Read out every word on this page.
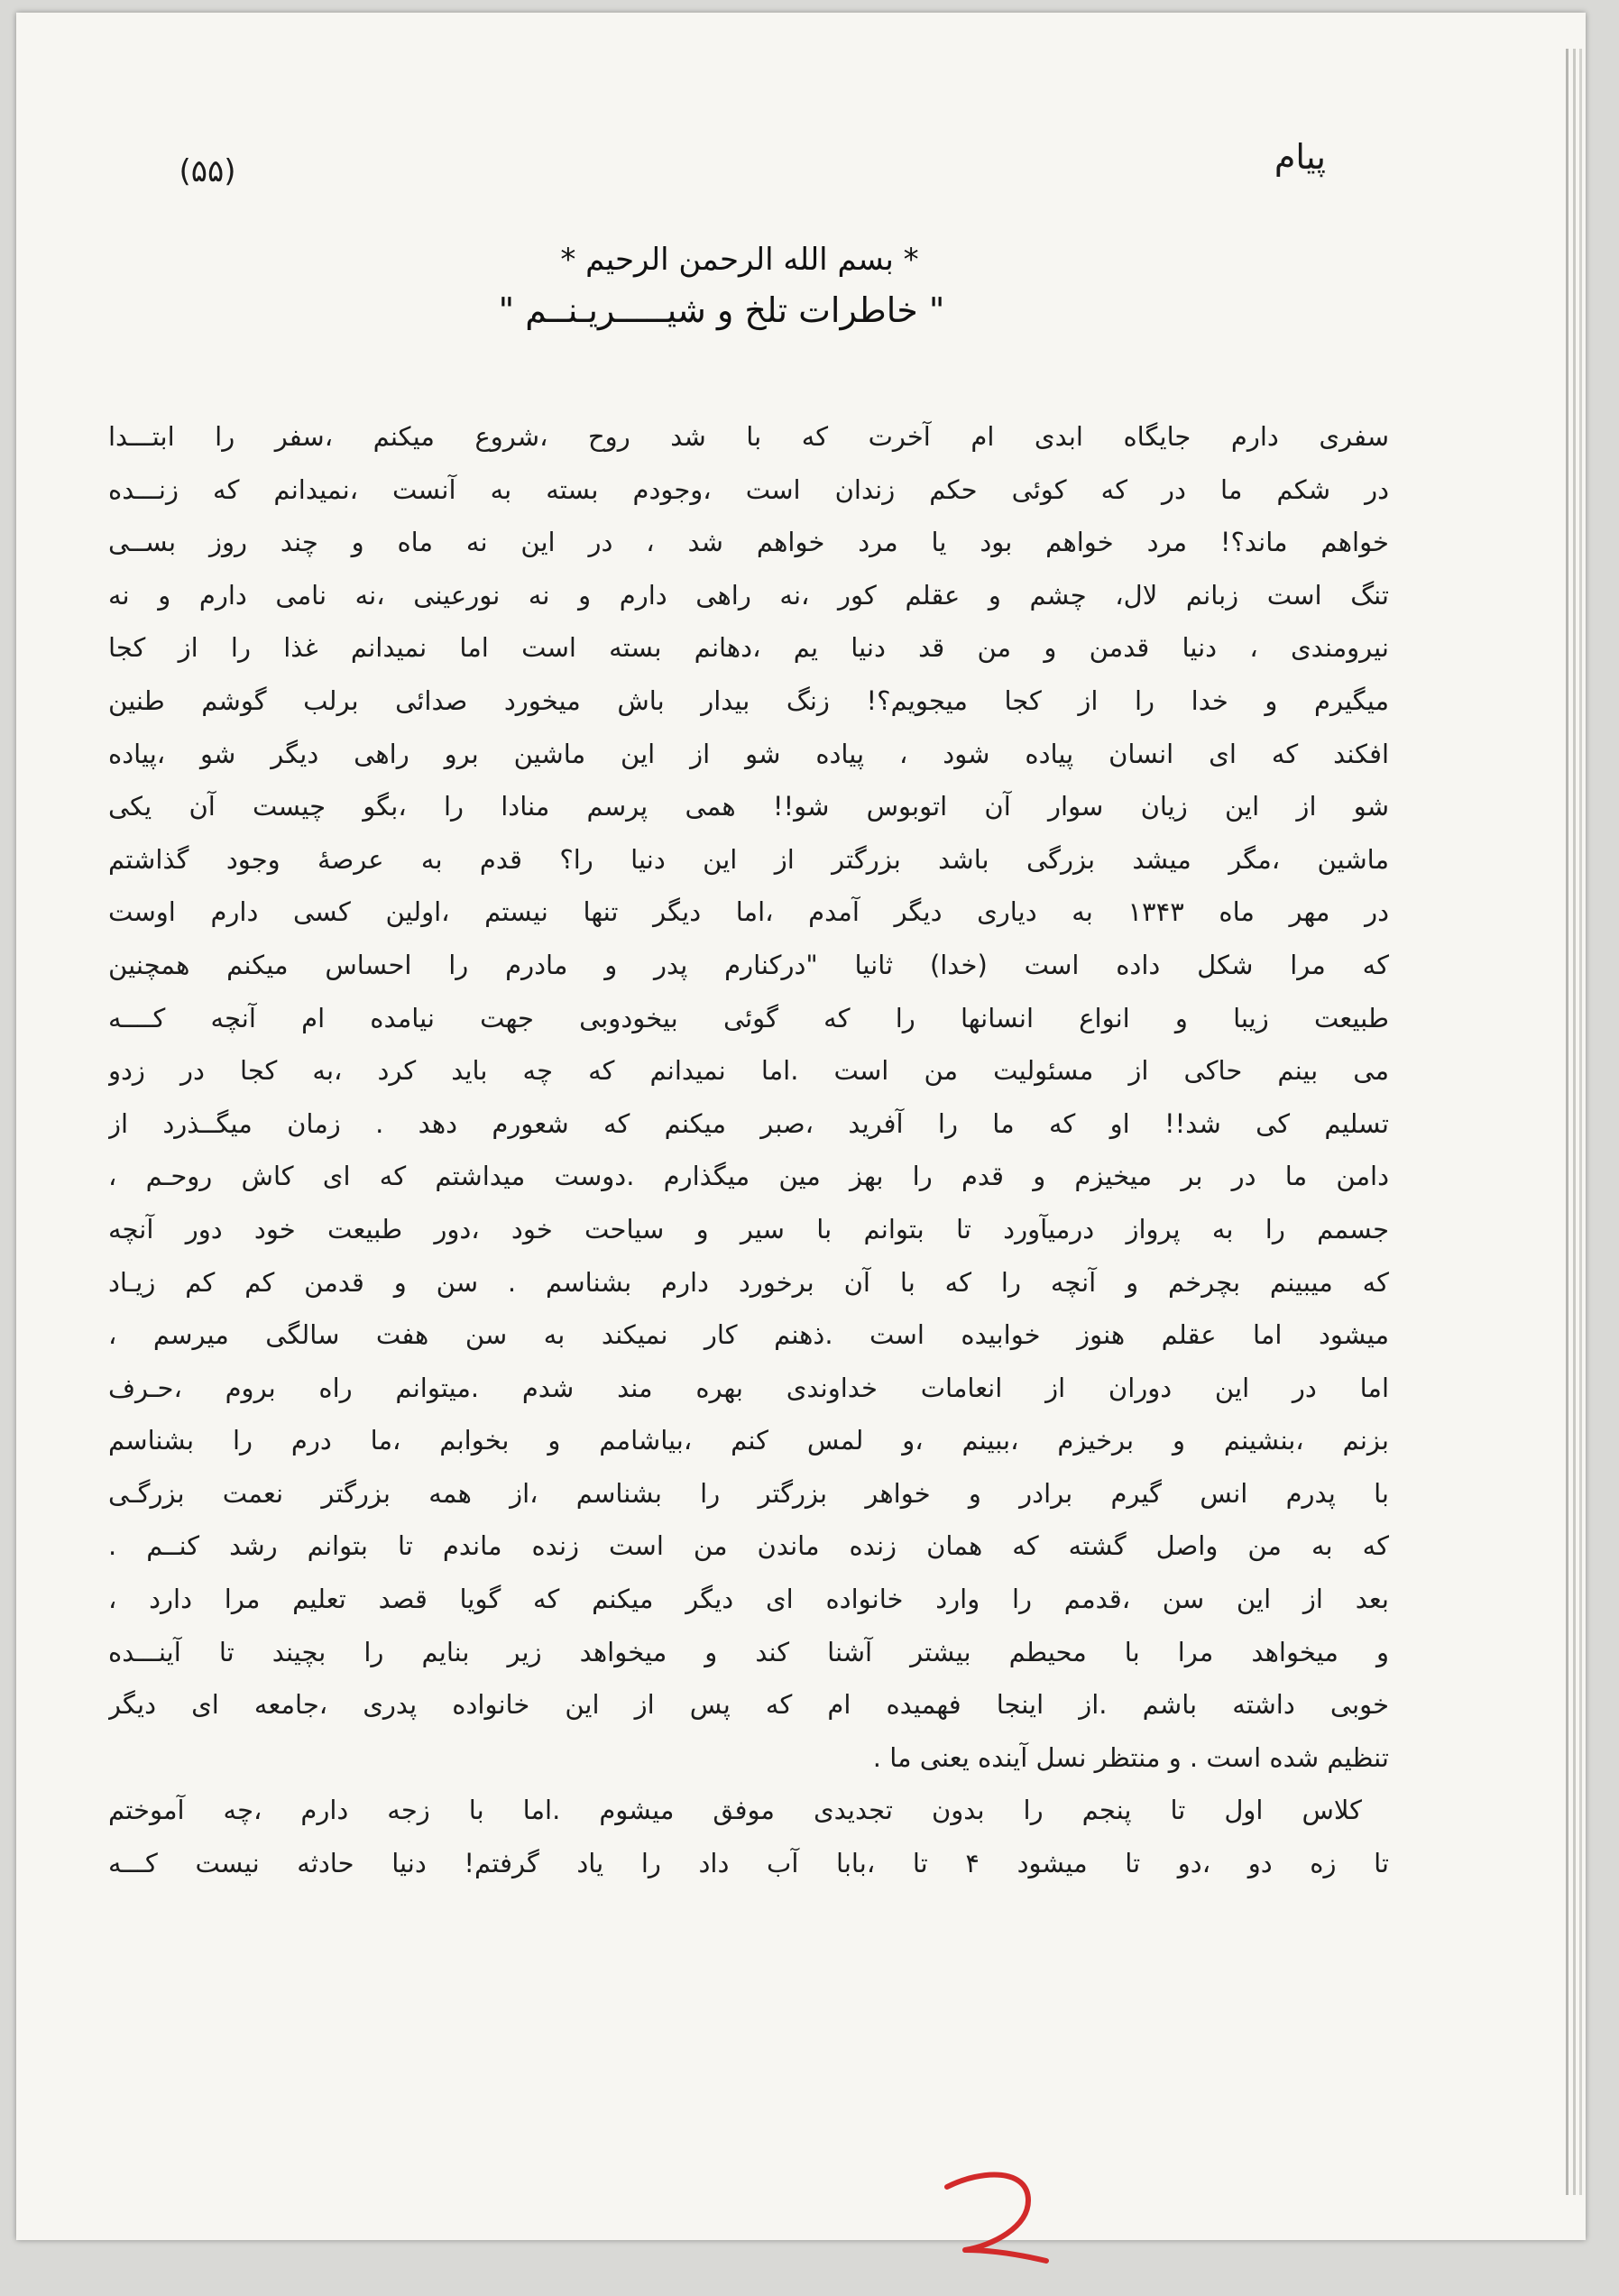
پیام
(۵۵)
* بسم الله الرحمن الرحیم *
" خاطرات تلخ و شیـــــریـنــم "
سفری دارم جایگاه ابدی ام آخرت که با شد روح ،شروع میکنم ،سفر را ابتـــدا
در شکم ما در که کوئی حکم زندان است ،وجودم بسته به آنست ،نمیدانم که زنـــده
خواهم ماند؟! مرد خواهم بود یا مرد خواهم شد ، در این نه ماه و چند روز بســی
تنگ است زبانم لال، چشم و عقلم کور ،نه راهی دارم و نه نورعینی ،نه نامی دارم و نه
نیرومندی ، دنیا قدمن و من قد دنیا یم ،دهانم بسته است اما نمیدانم غذا را از کجا
میگیرم و خدا را از کجا میجویم؟! زنگ بیدار باش میخورد صدائی برلب گوشم طنین
افکند که ای انسان پیاده شود ، پیاده شو از این ماشین برو راهی دیگر شو ،پیاده
شو از این زیان سوار آن اتوبوس شو!! همی پرسم منادا را ،بگو چیست آن یکی
ماشین ،مگر میشد بزرگی باشد بزرگتر از این دنیا را؟ قدم به عرصهٔ وجود گذاشتم
در مهر ماه ۱۳۴۳ به دیاری دیگر آمدم ،اما دیگر تنها نیستم ،اولین کسی دارم اوست
که مرا شکل داده است (خدا) ثانیا "درکنارم پدر و مادرم را احساس میکنم همچنین
طبیعت زیبا و انواع انسانها را که گوئی بیخودوبی جهت نیامده ام آنچه کــــه
می بینم حاکی از مسئولیت من است .اما نمیدانم که چه باید کرد ،به کجا در زدو
تسلیم کی شد!! او که ما را آفرید ،صبر میکنم که شعورم دهد . زمان میگــذرد از
دامن ما در بر میخیزم و قدم را بهز مین میگذارم .دوست میداشتم که ای کاش روحـم ،
جسمم را به پرواز درمیآورد تا بتوانم با سیر و سیاحت خود ،دور طبیعت خود دور آنچه
که میبینم بچرخم و آنچه را که با آن برخورد دارم بشناسم . سن و قدمن کم کم زیـاد
میشود اما عقلم هنوز خوابیده است .ذهنم کار نمیکند به سن هفت سالگی میرسم ،
اما در این دوران از انعامات خداوندی بهره مند شدم .میتوانم راه بروم ،حـرف
بزنم ،بنشینم و برخیزم ،ببینم ،و لمس کنم ،بیاشامم و بخوابم ،ما درم را بشناسم
با پدرم انس گیرم برادر و خواهر بزرگتر را بشناسم ،از همه بزرگتر نعمت بزرگـی
که به من واصل گشته که همان زنده ماندن من است زنده ماندم تا بتوانم رشد کنــم .
بعد از این سن ،قدمم را وارد خانواده ای دیگر میکنم که گویا قصد تعلیم مرا دارد ،
و میخواهد مرا با محیطم بیشتر آشنا کند و میخواهد زیر بنایم را بچیند تا آینـــده
خوبی داشته باشم .از اینجا فهمیده ام که پس از این خانواده پدری ،جامعه ای دیگر
تنظیم شده است . و منتظر نسل آینده یعنی ما .
کلاس اول تا پنجم را بدون تجدیدی موفق میشوم .اما با زجه دارم ،چه آموختم
تا زه دو ،دو تا میشود ۴ تا ،بابا آب داد را یاد گرفتم! دنیا حادثه نیست کـــه
